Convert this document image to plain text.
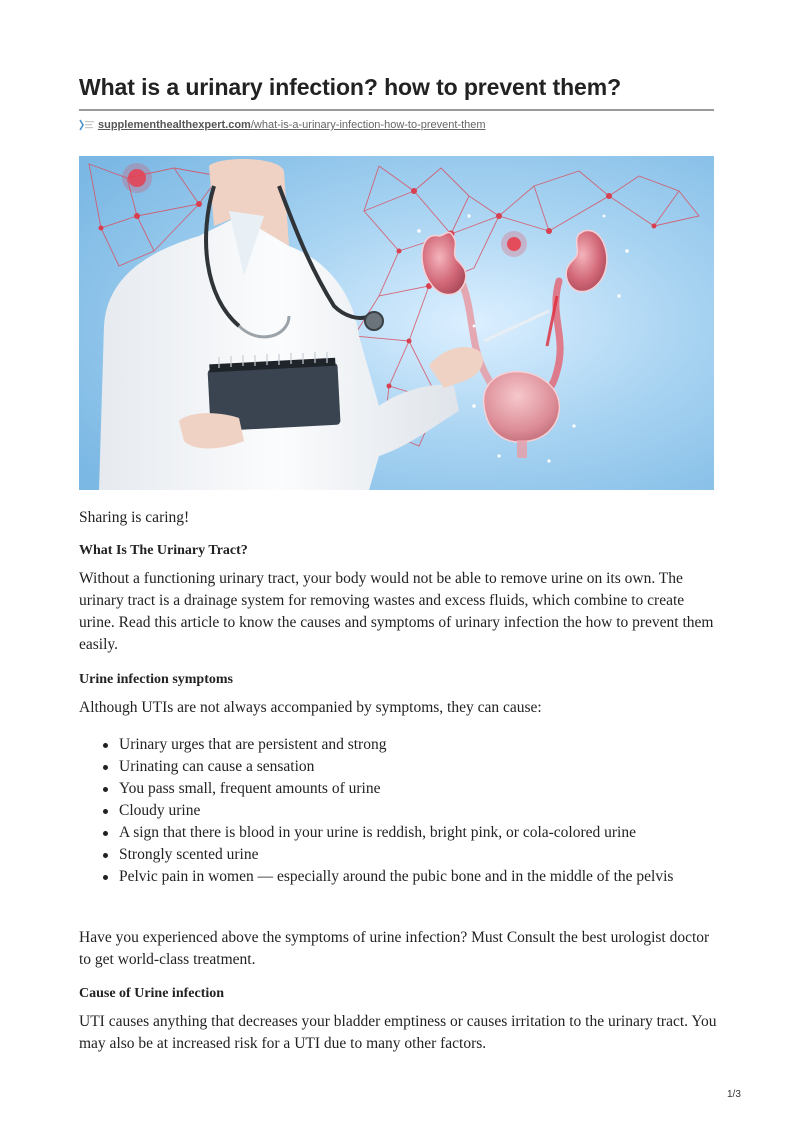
What is a urinary infection? how to prevent them?
supplementhealthexpert.com /what-is-a-urinary-infection-how-to-prevent-them

Sharing is caring!

What Is The Urinary Tract?

Without a functioning urinary tract, your body would not be able to remove urine on its own. The urinary tract is a drainage system for removing wastes and excess fluids, which combine to create urine. Read this article to know the causes and symptoms of urinary infection the how to prevent them easily.

Urine infection symptoms

Although UTIs are not always accompanied by symptoms, they can cause:

Urinary urges that are persistent and strong
Urinating can cause a sensation
You pass small, frequent amounts of urine
Cloudy urine
A sign that there is blood in your urine is reddish, bright pink, or cola-colored urine
Strongly scented urine
Pelvic pain in women — especially around the pubic bone and in the middle of the pelvis

Have you experienced above the symptoms of urine infection? Must Consult the best urologist doctor to get world-class treatment.

Cause of Urine infection

UTI causes anything that decreases your bladder emptiness or causes irritation to the urinary tract. You may also be at increased risk for a UTI due to many other factors.

1/3
